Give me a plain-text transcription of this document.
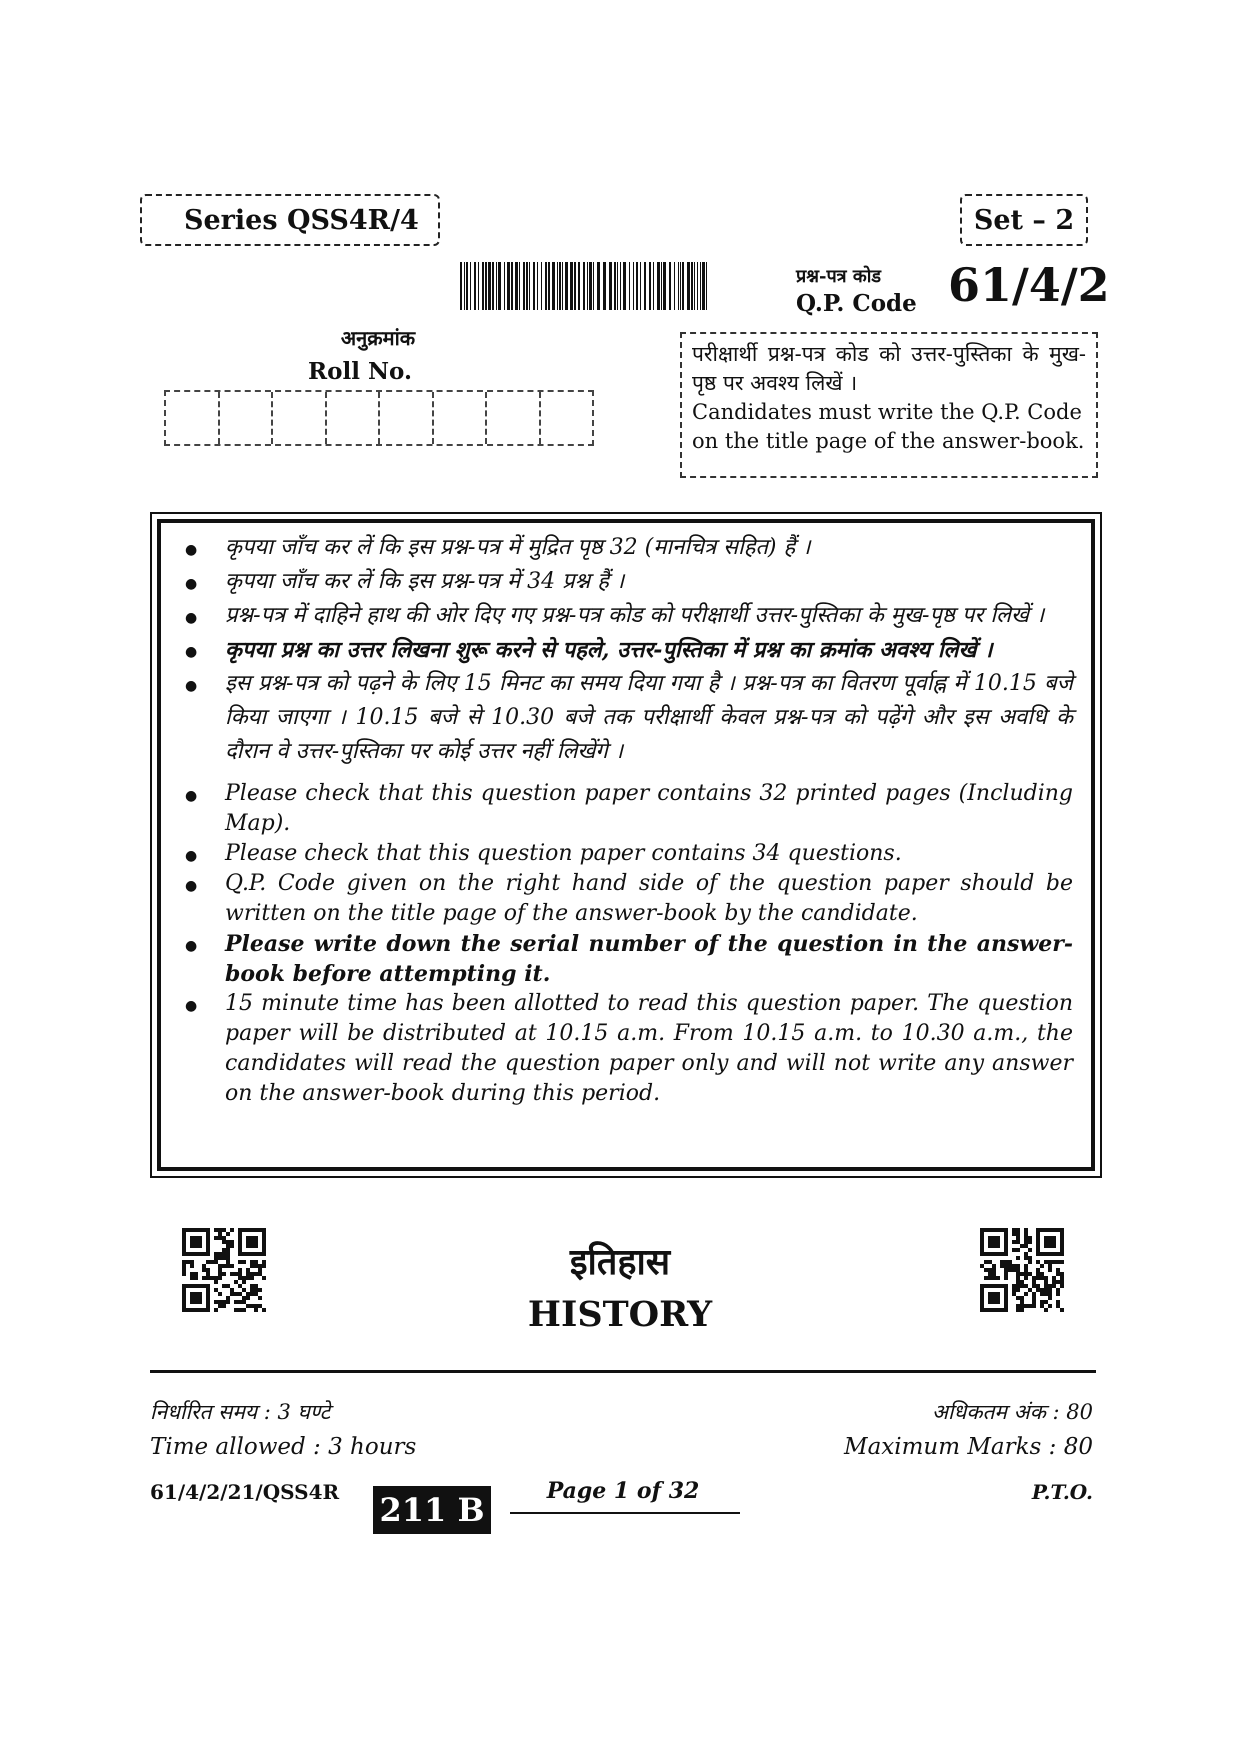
Series QSS4R/4	Set – 2
प्रश्न-पत्र कोड
Q.P. Code 61/4/2
अनुक्रमांक
Roll No.
परीक्षार्थी प्रश्न-पत्र कोड को उत्तर-पुस्तिका के मुख-पृष्ठ पर अवश्य लिखें ।
Candidates must write the Q.P. Code on the title page of the answer-book.
● कृपया जाँच कर लें कि इस प्रश्न-पत्र में मुद्रित पृष्ठ 32 (मानचित्र सहित) हैं ।
● कृपया जाँच कर लें कि इस प्रश्न-पत्र में 34 प्रश्न हैं ।
● प्रश्न-पत्र में दाहिने हाथ की ओर दिए गए प्रश्न-पत्र कोड को परीक्षार्थी उत्तर-पुस्तिका के मुख-पृष्ठ पर लिखें ।
● कृपया प्रश्न का उत्तर लिखना शुरू करने से पहले, उत्तर-पुस्तिका में प्रश्न का क्रमांक अवश्य लिखें ।
● इस प्रश्न-पत्र को पढ़ने के लिए 15 मिनट का समय दिया गया है । प्रश्न-पत्र का वितरण पूर्वाह्न में 10.15 बजे किया जाएगा । 10.15 बजे से 10.30 बजे तक परीक्षार्थी केवल प्रश्न-पत्र को पढ़ेंगे और इस अवधि के दौरान वे उत्तर-पुस्तिका पर कोई उत्तर नहीं लिखेंगे ।
● Please check that this question paper contains 32 printed pages (Including Map).
● Please check that this question paper contains 34 questions.
● Q.P. Code given on the right hand side of the question paper should be written on the title page of the answer-book by the candidate.
● Please write down the serial number of the question in the answer-book before attempting it.
● 15 minute time has been allotted to read this question paper. The question paper will be distributed at 10.15 a.m. From 10.15 a.m. to 10.30 a.m., the candidates will read the question paper only and will not write any answer on the answer-book during this period.
इतिहास
HISTORY
निर्धारित समय : 3 घण्टे
Time allowed : 3 hours
अधिकतम अंक : 80
Maximum Marks : 80
61/4/2/21/QSS4R 211 B	Page 1 of 32	P.T.O.
